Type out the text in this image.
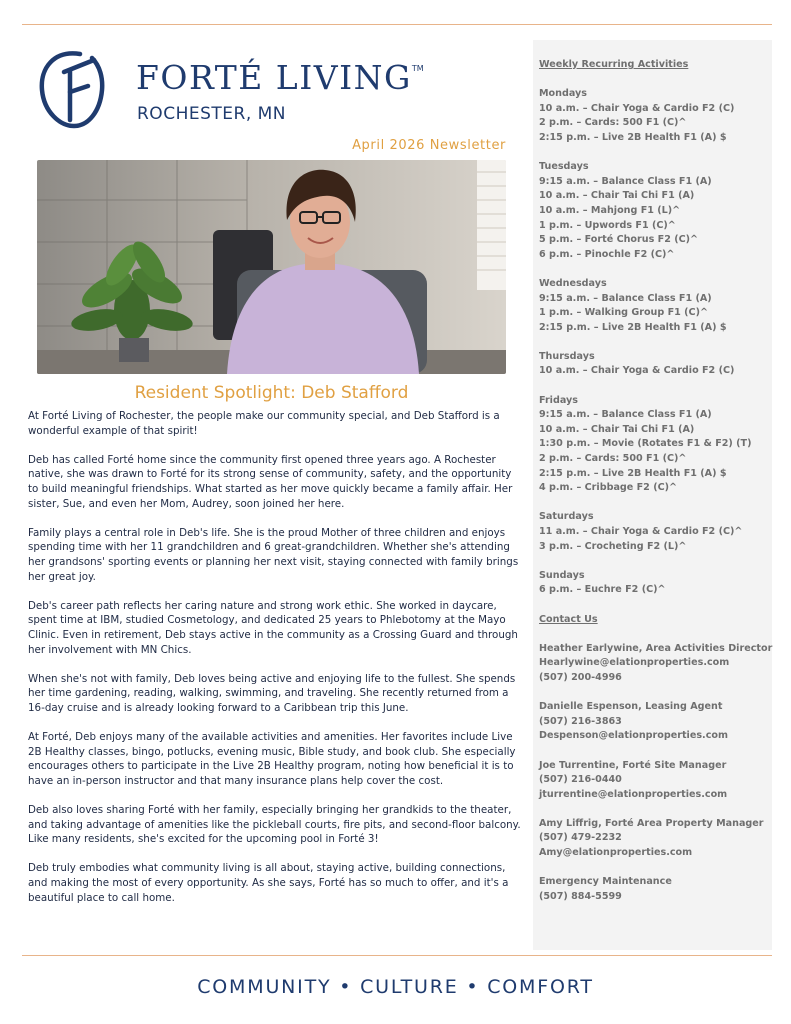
FORTÉ LIVING™
ROCHESTER, MN
April 2026 Newsletter
Resident Spotlight: Deb Stafford

At Forté Living of Rochester, the people make our community special, and Deb Stafford is a wonderful example of that spirit!

Deb has called Forté home since the community first opened three years ago. A Rochester native, she was drawn to Forté for its strong sense of community, safety, and the opportunity to build meaningful friendships. What started as her move quickly became a family affair. Her sister, Sue, and even her Mom, Audrey, soon joined her here.

Family plays a central role in Deb's life. She is the proud Mother of three children and enjoys spending time with her 11 grandchildren and 6 great-grandchildren. Whether she's attending her grandsons' sporting events or planning her next visit, staying connected with family brings her great joy.

Deb's career path reflects her caring nature and strong work ethic. She worked in daycare, spent time at IBM, studied Cosmetology, and dedicated 25 years to Phlebotomy at the Mayo Clinic. Even in retirement, Deb stays active in the community as a Crossing Guard and through her involvement with MN Chics.

When she's not with family, Deb loves being active and enjoying life to the fullest. She spends her time gardening, reading, walking, swimming, and traveling. She recently returned from a 16-day cruise and is already looking forward to a Caribbean trip this June.

At Forté, Deb enjoys many of the available activities and amenities. Her favorites include Live 2B Healthy classes, bingo, potlucks, evening music, Bible study, and book club. She especially encourages others to participate in the Live 2B Healthy program, noting how beneficial it is to have an in-person instructor and that many insurance plans help cover the cost.

Deb also loves sharing Forté with her family, especially bringing her grandkids to the theater, and taking advantage of amenities like the pickleball courts, fire pits, and second-floor balcony. Like many residents, she's excited for the upcoming pool in Forté 3!

Deb truly embodies what community living is all about, staying active, building connections, and making the most of every opportunity. As she says, Forté has so much to offer, and it's a beautiful place to call home.

Weekly Recurring Activities
Mondays
10 a.m. – Chair Yoga & Cardio F2 (C)
2 p.m. – Cards: 500 F1 (C)^
2:15 p.m. – Live 2B Health F1 (A) $
Tuesdays
9:15 a.m. – Balance Class F1 (A)
10 a.m. – Chair Tai Chi F1 (A)
10 a.m. – Mahjong F1 (L)^
1 p.m. – Upwords F1 (C)^
5 p.m. – Forté Chorus F2 (C)^
6 p.m. – Pinochle F2 (C)^
Wednesdays
9:15 a.m. – Balance Class F1 (A)
1 p.m. – Walking Group F1 (C)^
2:15 p.m. – Live 2B Health F1 (A) $
Thursdays
10 a.m. – Chair Yoga & Cardio F2 (C)
Fridays
9:15 a.m. – Balance Class F1 (A)
10 a.m. – Chair Tai Chi F1 (A)
1:30 p.m. – Movie (Rotates F1 & F2) (T)
2 p.m. – Cards: 500 F1 (C)^
2:15 p.m. – Live 2B Health F1 (A) $
4 p.m. – Cribbage F2 (C)^
Saturdays
11 a.m. – Chair Yoga & Cardio F2 (C)^
3 p.m. – Crocheting F2 (L)^
Sundays
6 p.m. – Euchre F2 (C)^
Contact Us
Heather Earlywine, Area Activities Director
Hearlywine@elationproperties.com
(507) 200-4996
Danielle Espenson, Leasing Agent
(507) 216-3863
Despenson@elationproperties.com
Joe Turrentine, Forté Site Manager
(507) 216-0440
jturrentine@elationproperties.com
Amy Liffrig, Forté Area Property Manager
(507) 479-2232
Amy@elationproperties.com
Emergency Maintenance
(507) 884-5599
COMMUNITY • CULTURE • COMFORT
